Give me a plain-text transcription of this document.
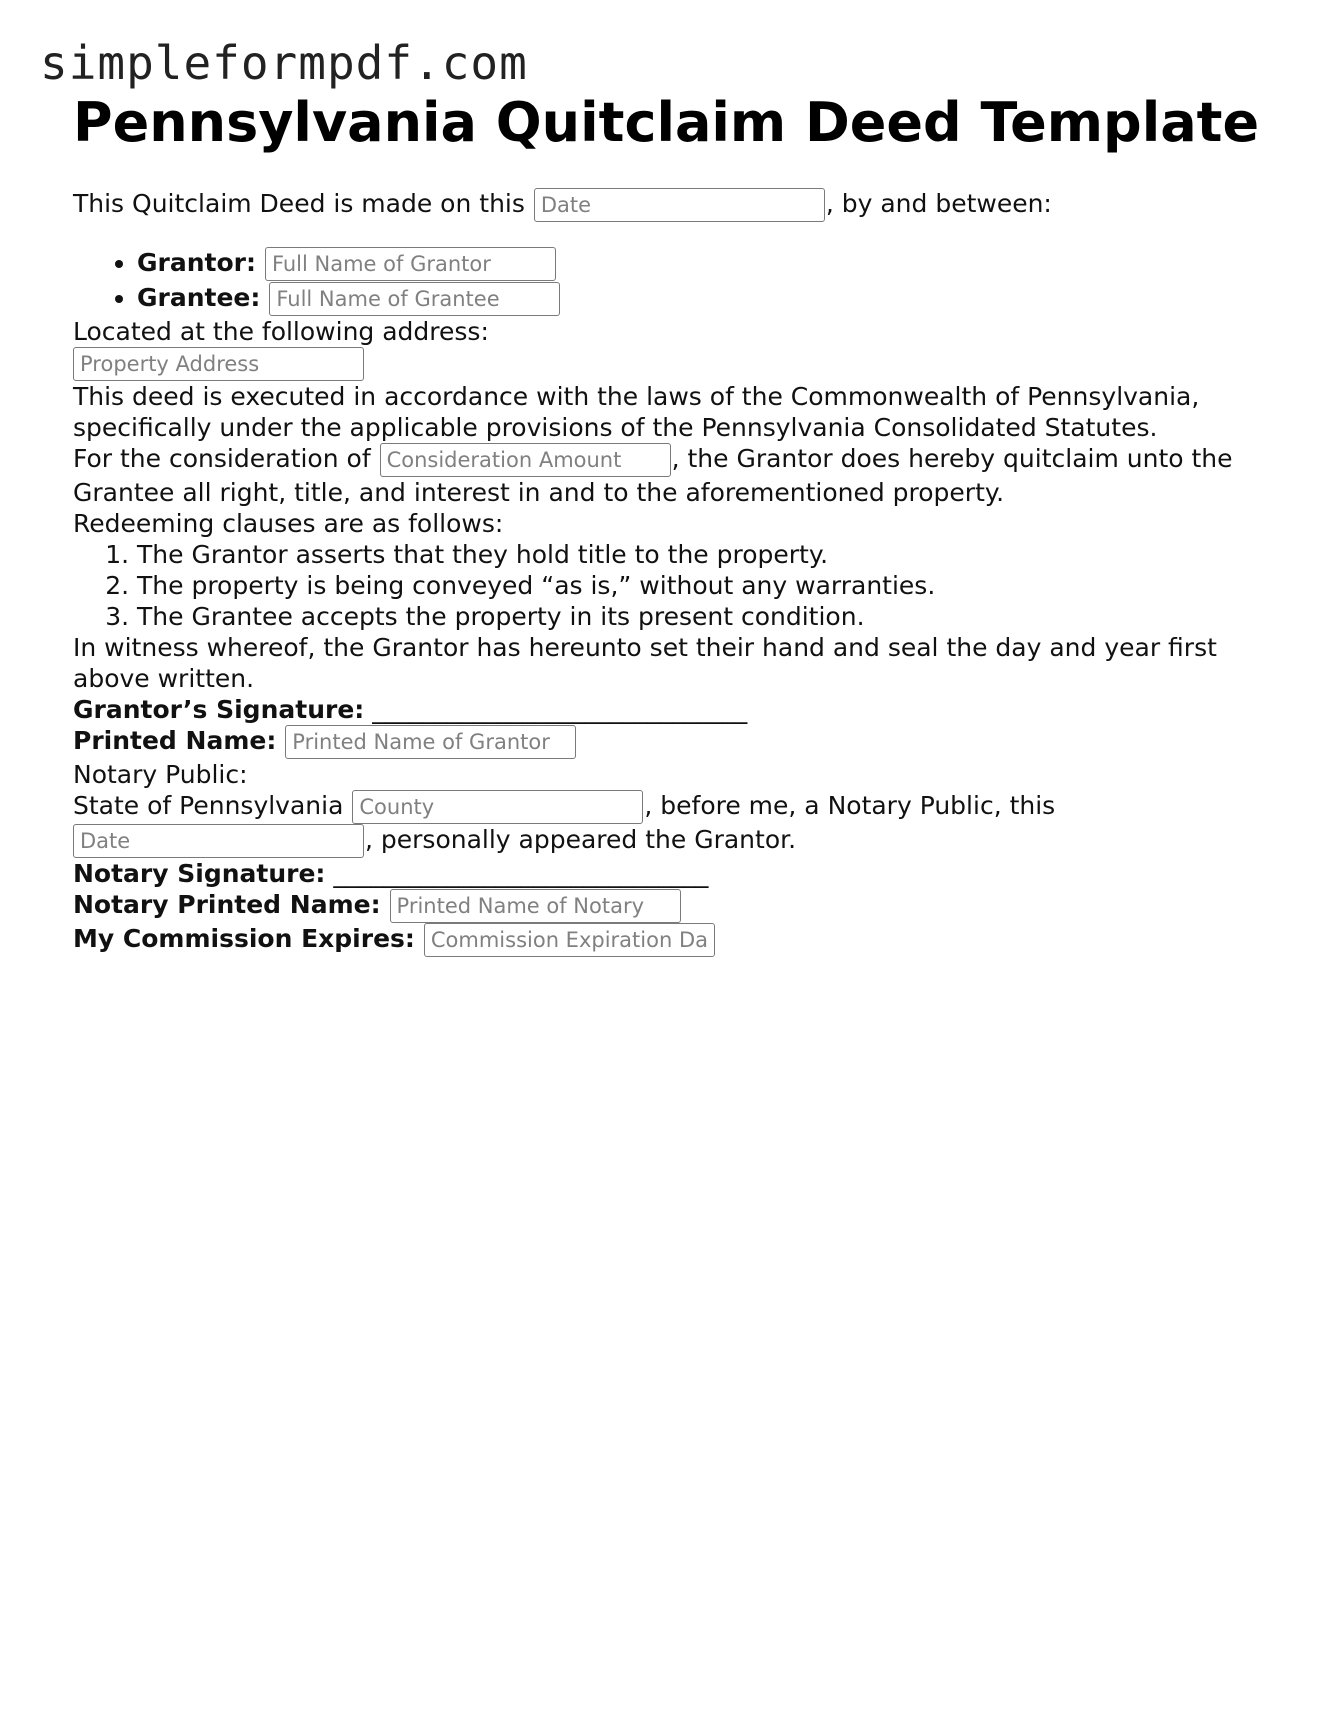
simpleformpdf.com
Pennsylvania Quitclaim Deed Template

This Quitclaim Deed is made on this Date	, by and between:

• Grantor: Full Name of Grantor
• Grantee: Full Name of Grantee

Located at the following address:

Property Address

This deed is executed in accordance with the laws of the Commonwealth of Pennsylvania, specifically under the applicable provisions of the Pennsylvania Consolidated Statutes.

For the consideration of Consideration Amount	, the Grantor does hereby quitclaim unto the Grantee all right, title, and interest in and to the aforementioned property.

Redeeming clauses are as follows:

1. The Grantor asserts that they hold title to the property.
2. The property is being conveyed “as is,” without any warranties.
3. The Grantee accepts the property in its present condition.

In witness whereof, the Grantor has hereunto set their hand and seal the day and year first above written.

Grantor’s Signature: ______________________________

Printed Name: Printed Name of Grantor

Notary Public:

State of Pennsylvania County	, before me, a Notary Public, this Date, personally appeared the Grantor.

Notary Signature: ______________________________

Notary Printed Name: Printed Name of Notary

My Commission Expires: Commission Expiration Date
